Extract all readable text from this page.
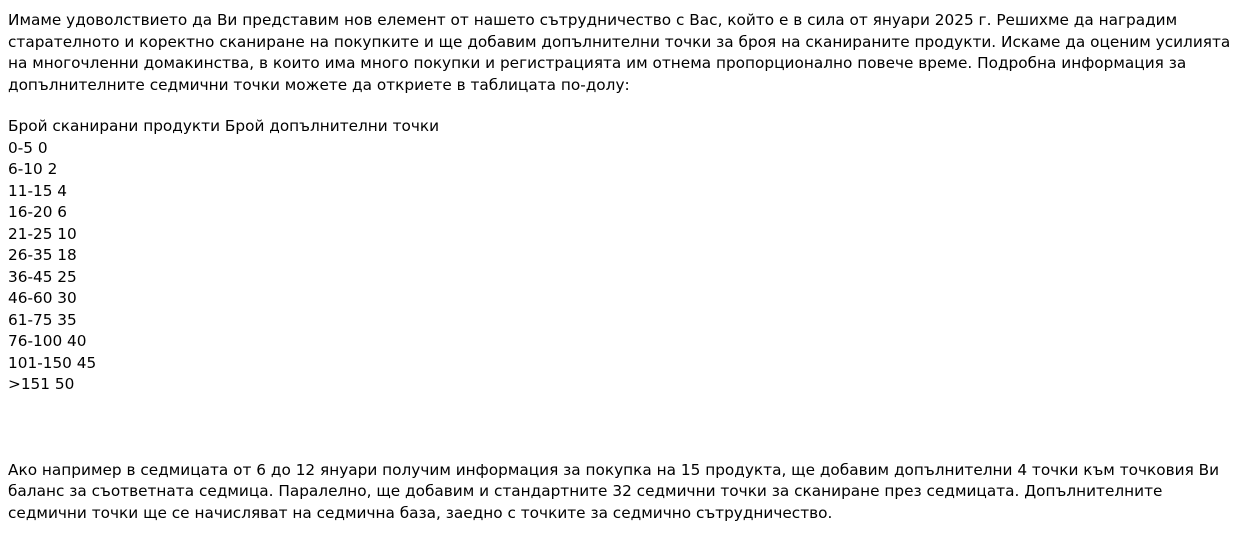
Имаме удоволствието да Ви представим нов елемент от нашето сътрудничество с Вас, който е в сила от януари 2025 г. Решихме да наградим старателното и коректно сканиране на покупките и ще добавим допълнителни точки за броя на сканираните продукти. Искаме да оценим усилията на многочленни домакинства, в които има много покупки и регистрацията им отнема пропорционално повече време. Подробна информация за допълнителните седмични точки можете да откриете в таблицата по-долу:

Брой сканирани продукти Брой допълнителни точки
0-5 0
6-10 2
11-15 4
16-20 6
21-25 10
26-35 18
36-45 25
46-60 30
61-75 35
76-100 40
101-150 45
>151 50

Ако например в седмицата от 6 до 12 януари получим информация за покупка на 15 продукта, ще добавим допълнителни 4 точки към точковия Ви баланс за съответната седмица. Паралелно, ще добавим и стандартните 32 седмични точки за сканиране през седмицата. Допълнителните седмични точки ще се начисляват на седмична база, заедно с точките за седмично сътрудничество.
